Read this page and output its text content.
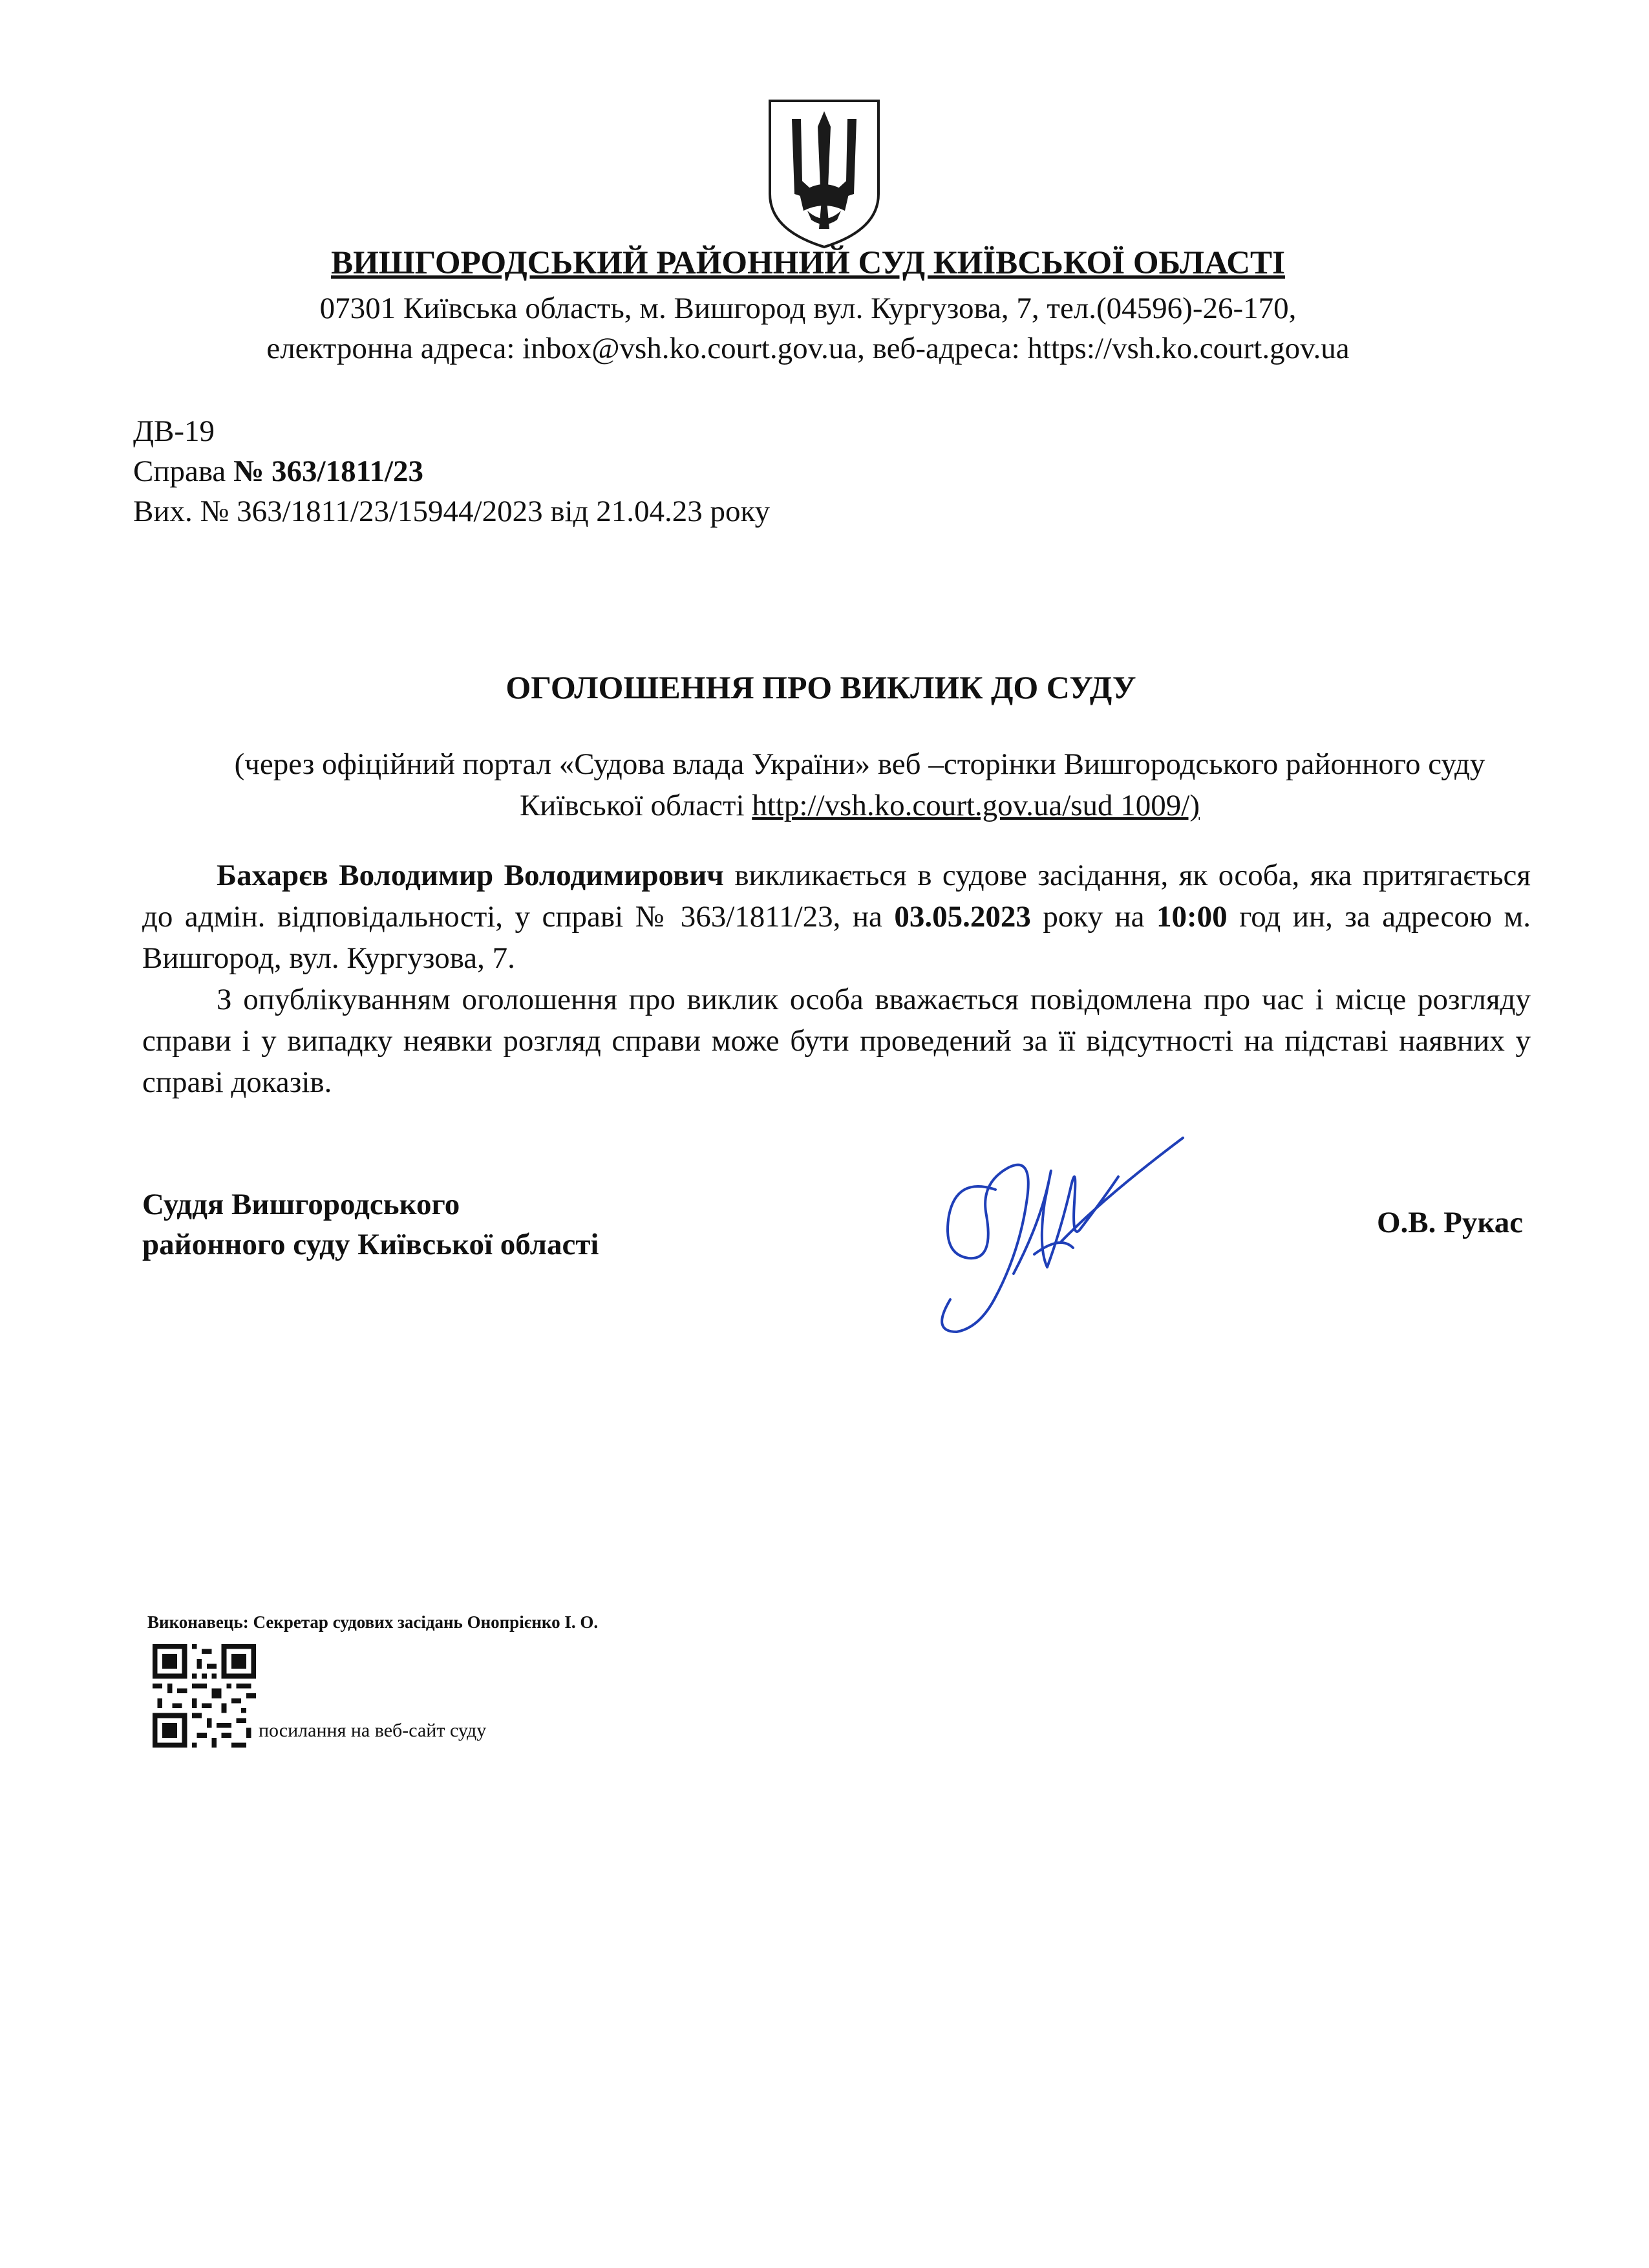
ВИШГОРОДСЬКИЙ РАЙОННИЙ СУД КИЇВСЬКОЇ ОБЛАСТІ
07301 Київська область, м. Вишгород вул. Кургузова, 7, тел.(04596)-26-170,
електронна адреса: inbox@vsh.ko.court.gov.ua, веб-адреса: https://vsh.ko.court.gov.ua
ДВ-19
Справа № 363/1811/23
Вих. № 363/1811/23/15944/2023 від 21.04.23 року
ОГОЛОШЕННЯ ПРО ВИКЛИК ДО СУДУ
(через офіційний портал «Судова влада України» веб –сторінки Вишгородського районного суду Київської області http://vsh.ko.court.gov.ua/sud 1009/)

Бахарєв Володимир Володимирович викликається в судове засідання, як особа, яка притягається до адмін. відповідальності, у справі № 363/1811/23, на 03.05.2023 року на 10:00 год ин, за адресою м. Вишгород, вул. Кургузова, 7.

З опублікуванням оголошення про виклик особа вважається повідомлена про час і місце розгляду справи і у випадку неявки розгляд справи може бути проведений за її відсутності на підставі наявних у справі доказів.

Суддя Вишгородського
районного суду Київської області
О.В. Рукас
Виконавець: Секретар судових засідань Онопрієнко І. О.
посилання на веб-сайт суду
